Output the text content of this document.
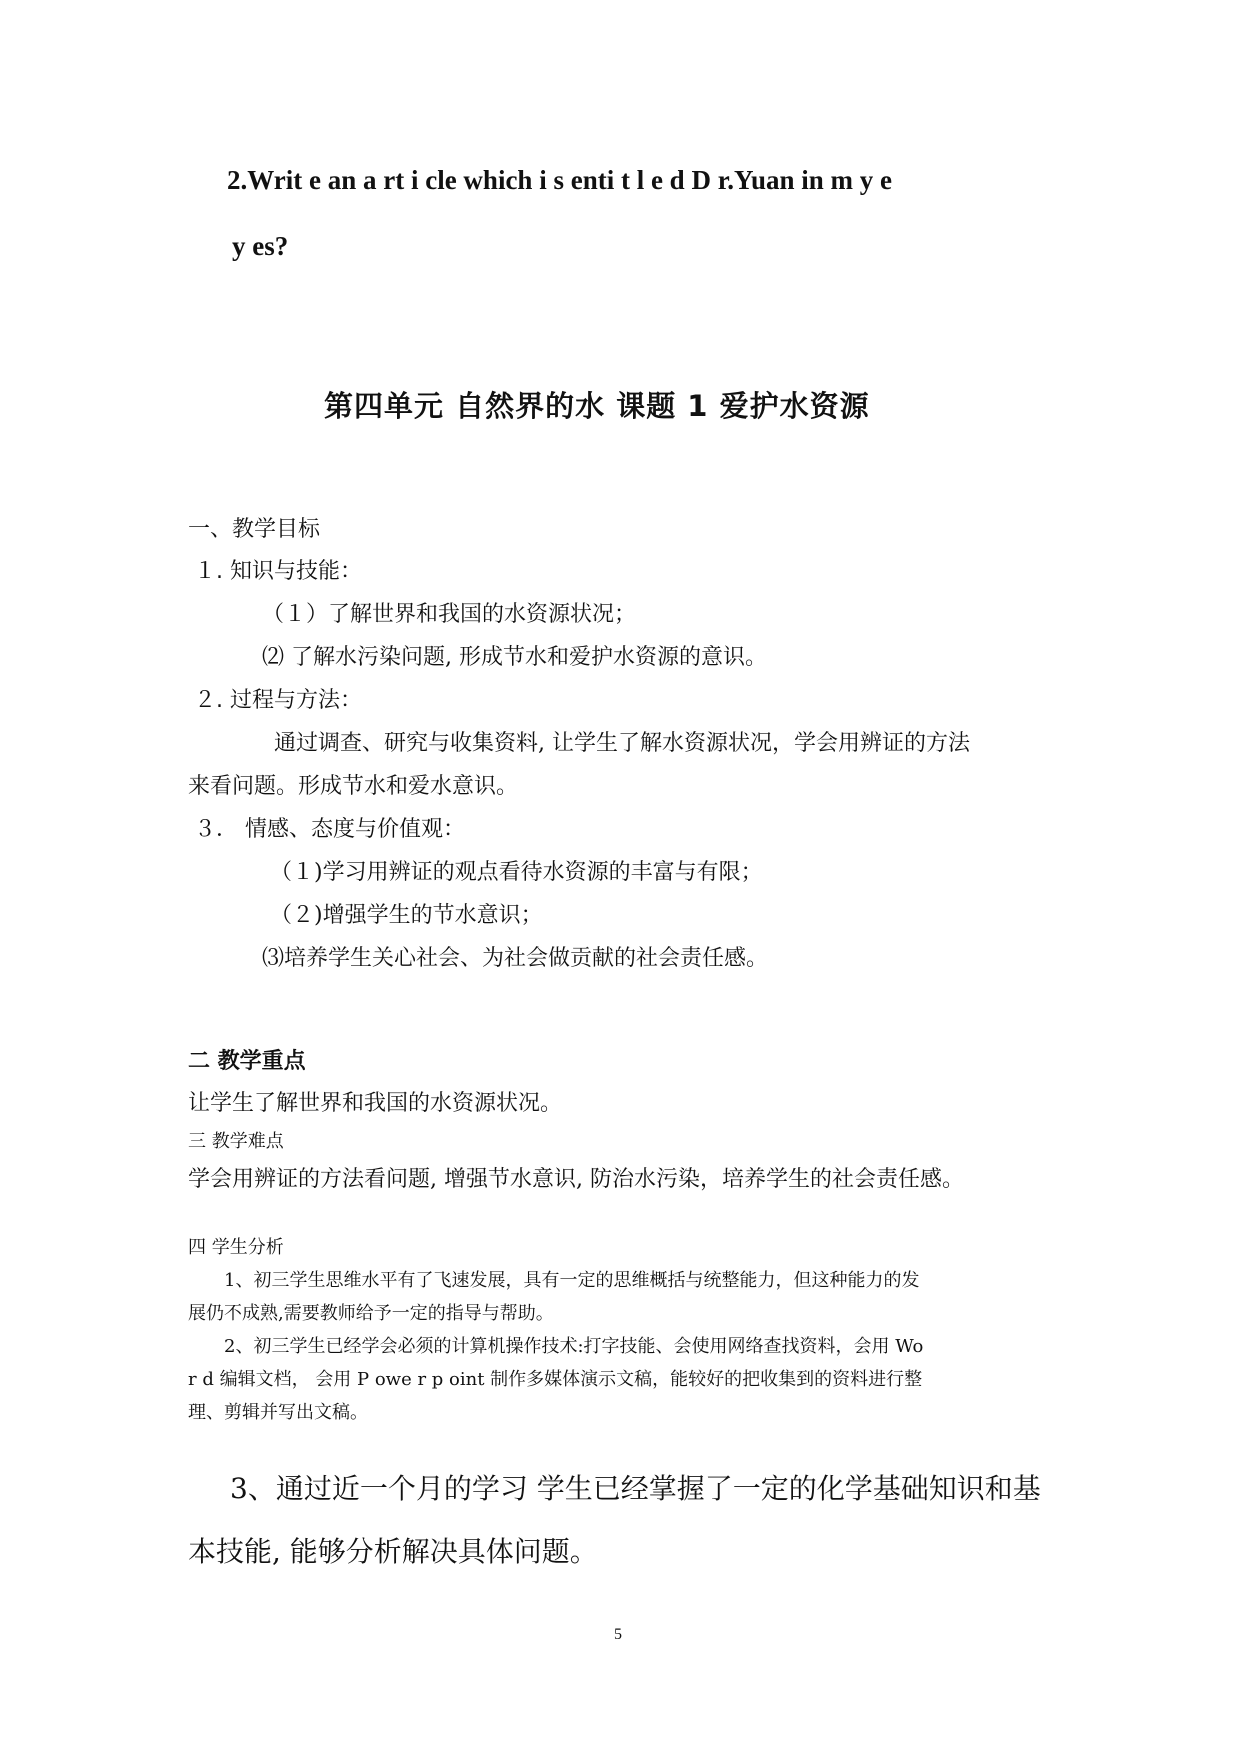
2.Writ e an a rt i cle which i s enti t l e d D r.Yuan in m y e
y es?
第四单元 自然界的水 课题 1 爱护水资源
一、教学目标
１. 知识与技能：
（１）了解世界和我国的水资源状况；
⑵ 了解水污染问题, 形成节水和爱护水资源的意识。
２. 过程与方法：
通过调查、研究与收集资料, 让学生了解水资源状况，学会用辨证的方法
来看问题。形成节水和爱水意识。
３． 情感、态度与价值观：
（１)学习用辨证的观点看待水资源的丰富与有限；
（２)增强学生的节水意识；
⑶培养学生关心社会、为社会做贡献的社会责任感。
二 教学重点
让学生了解世界和我国的水资源状况。
三 教学难点
学会用辨证的方法看问题, 增强节水意识, 防治水污染，培养学生的社会责任感。
四 学生分析
1、初三学生思维水平有了飞速发展，具有一定的思维概括与统整能力，但这种能力的发
展仍不成熟,需要教师给予一定的指导与帮助。
2、初三学生已经学会必须的计算机操作技术:打字技能、会使用网络查找资料，会用 Wo
r d 编辑文档， 会用 P owe r p oint 制作多媒体演示文稿，能较好的把收集到的资料进行整
理、剪辑并写出文稿。
3、通过近一个月的学习 学生已经掌握了一定的化学基础知识和基
本技能, 能够分析解决具体问题。
5
